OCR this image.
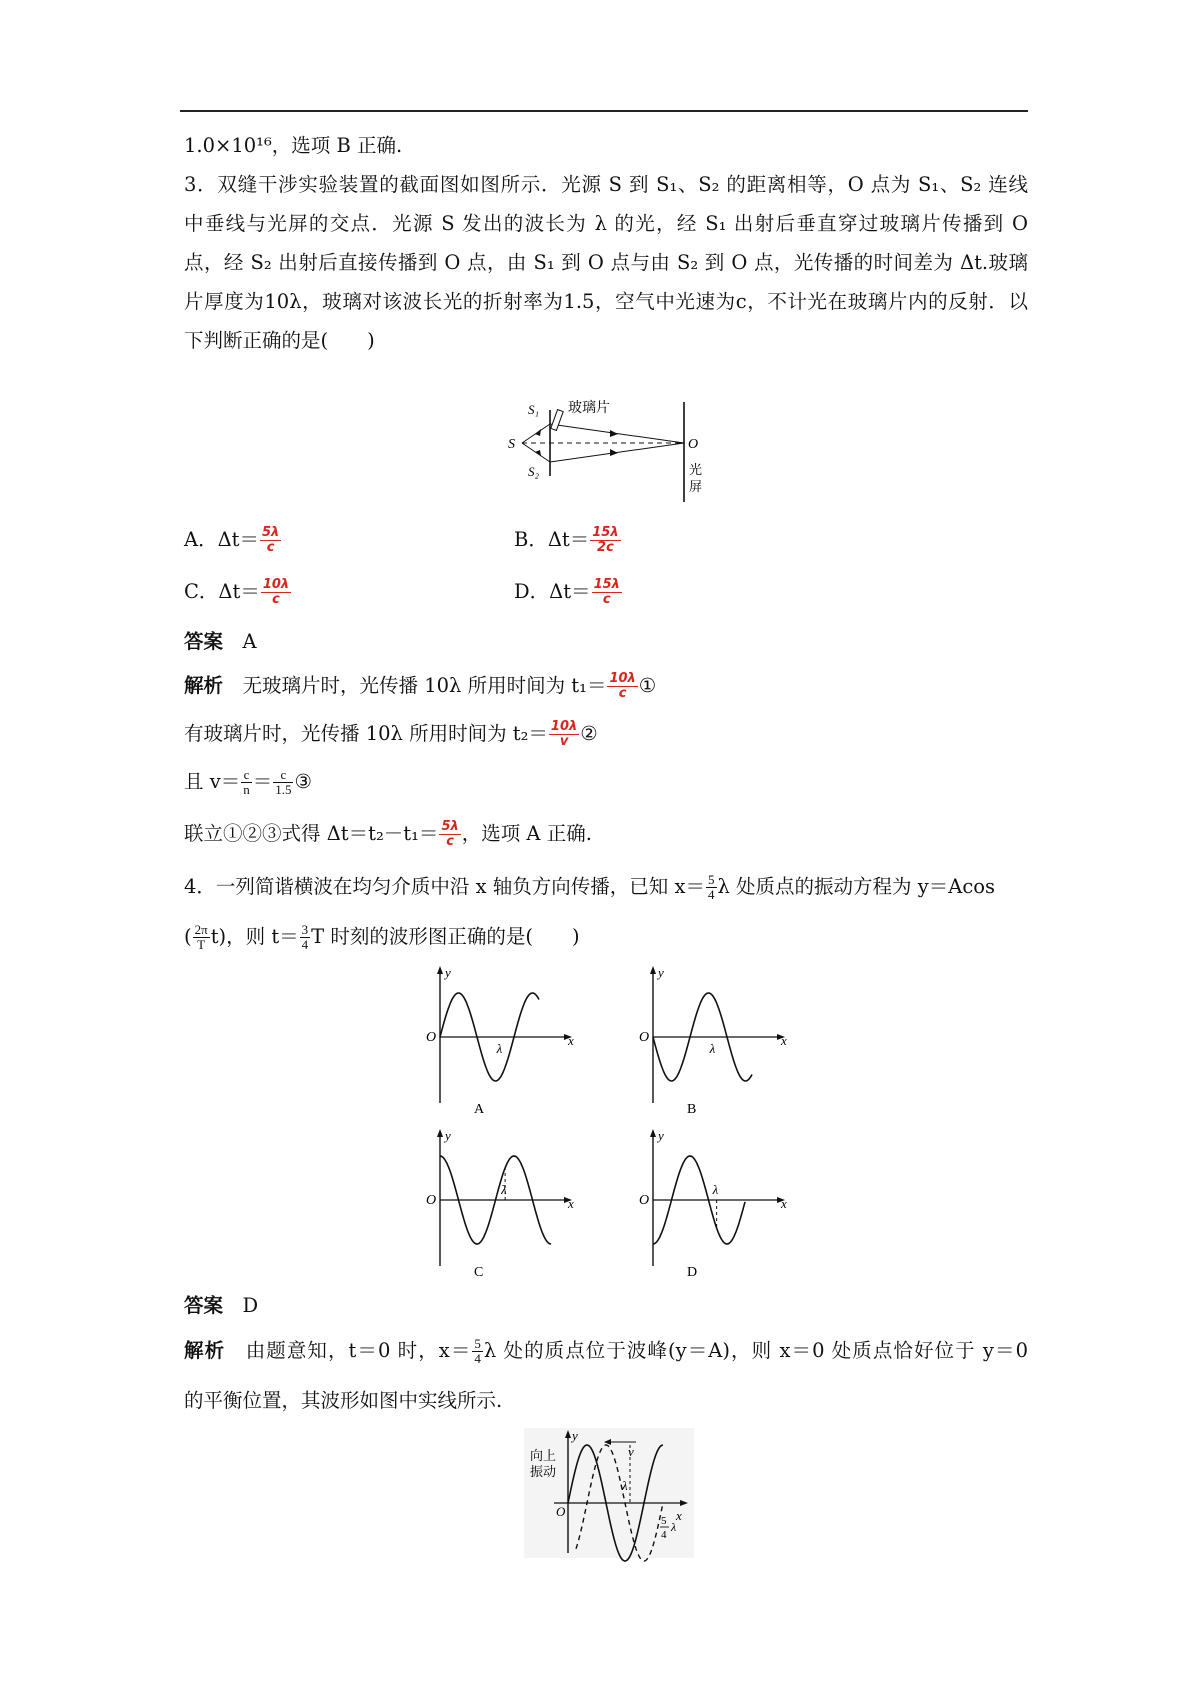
1.0×10¹⁶，选项 B 正确.
3．双缝干涉实验装置的截面图如图所示．光源 S 到 S₁、S₂ 的距离相等，O 点为 S₁、S₂ 连线
中垂线与光屏的交点．光源 S 发出的波长为 λ 的光，经 S₁ 出射后垂直穿过玻璃片传播到 O
点，经 S₂ 出射后直接传播到 O 点，由 S₁ 到 O 点与由 S₂ 到 O 点，光传播的时间差为 Δt.玻璃
片厚度为10λ，玻璃对该波长光的折射率为1.5，空气中光速为c，不计光在玻璃片内的反射．以
下判断正确的是(　　)
S
S₁
S₂
O
玻璃片
光
屏
A．$\Delta t= \frac{5\lambda}{c}$	B．$\Delta t= \frac{15\lambda}{2c}$
C．$\Delta t= \frac{10\lambda}{c}$	D．$\Delta t= \frac{15\lambda}{c}$
答案　 A
解析　 无玻璃片时，光传播 10λ 所用时间为 $t_1= \frac{10\lambda}{c}$ ①
有玻璃片时，光传播 10λ 所用时间为 $t_2= \frac{10\lambda}{v}$ ②
且 $v= \frac{c}{n} = \frac{c}{1.5}$ ③
联立①②③式得 $\Delta t=t_2-t_1= \frac{5\lambda}{c}$ ，选项 A 正确.
4．一列简谐横波在均匀介质中沿 x 轴负方向传播，已知 $x= \frac{5}{4}$ λ 处质点的振动方程为 y＝Acos
( $\frac{2\pi}{T} t$)，则 $t= \frac{3}{4}$ T 时刻的波形图正确的是(　　)
λ
O
y
x
A
λ
O
y
x
B
λ
O
y
x
C
λ
O
y
x
D
答案　 D
解析　 由题意知，t＝0 时，$x= \frac{5}{4}$ λ 处的质点位于波峰(y＝A)，则 x＝0 处质点恰好位于 y＝0
的平衡位置，其波形如图中实线所示.
向上
振动
v
λ
O
y
x
5
4
λ
